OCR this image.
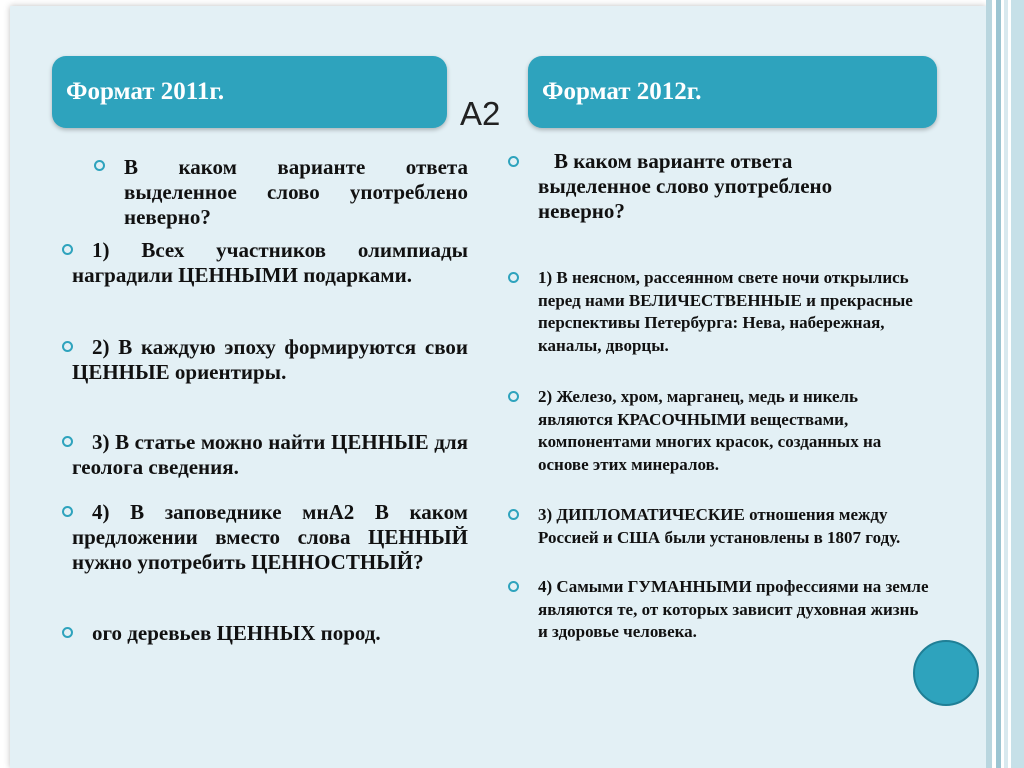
Формат 2011г.	Формат 2012г.
А2
В каком варианте ответа выделенное слово употреблено неверно?
1) Всех участников олимпиады наградили ЦЕННЫМИ подарками.
2) В каждую эпоху формируются свои ЦЕННЫЕ ориентиры.
3) В статье можно найти ЦЕННЫЕ для геолога сведения.
4) В заповеднике мнА2 В каком предложении вместо слова ЦЕННЫЙ нужно употребить ЦЕННОСТНЫЙ?
ого деревьев ЦЕННЫХ пород.
В каком варианте ответа выделенное слово употреблено неверно?
1) В неясном, рассеянном свете ночи открылись перед нами ВЕЛИЧЕСТВЕННЫЕ и прекрасные перспективы Петербурга: Нева, набережная, каналы, дворцы.
2) Железо, хром, марганец, медь и никель являются КРАСОЧНЫМИ веществами, компонентами многих красок, созданных на основе этих минералов.
3) ДИПЛОМАТИЧЕСКИЕ отношения между Россией и США были установлены в 1807 году.
4) Самыми ГУМАННЫМИ профессиями на земле являются те, от которых зависит духовная жизнь и здоровье человека.
